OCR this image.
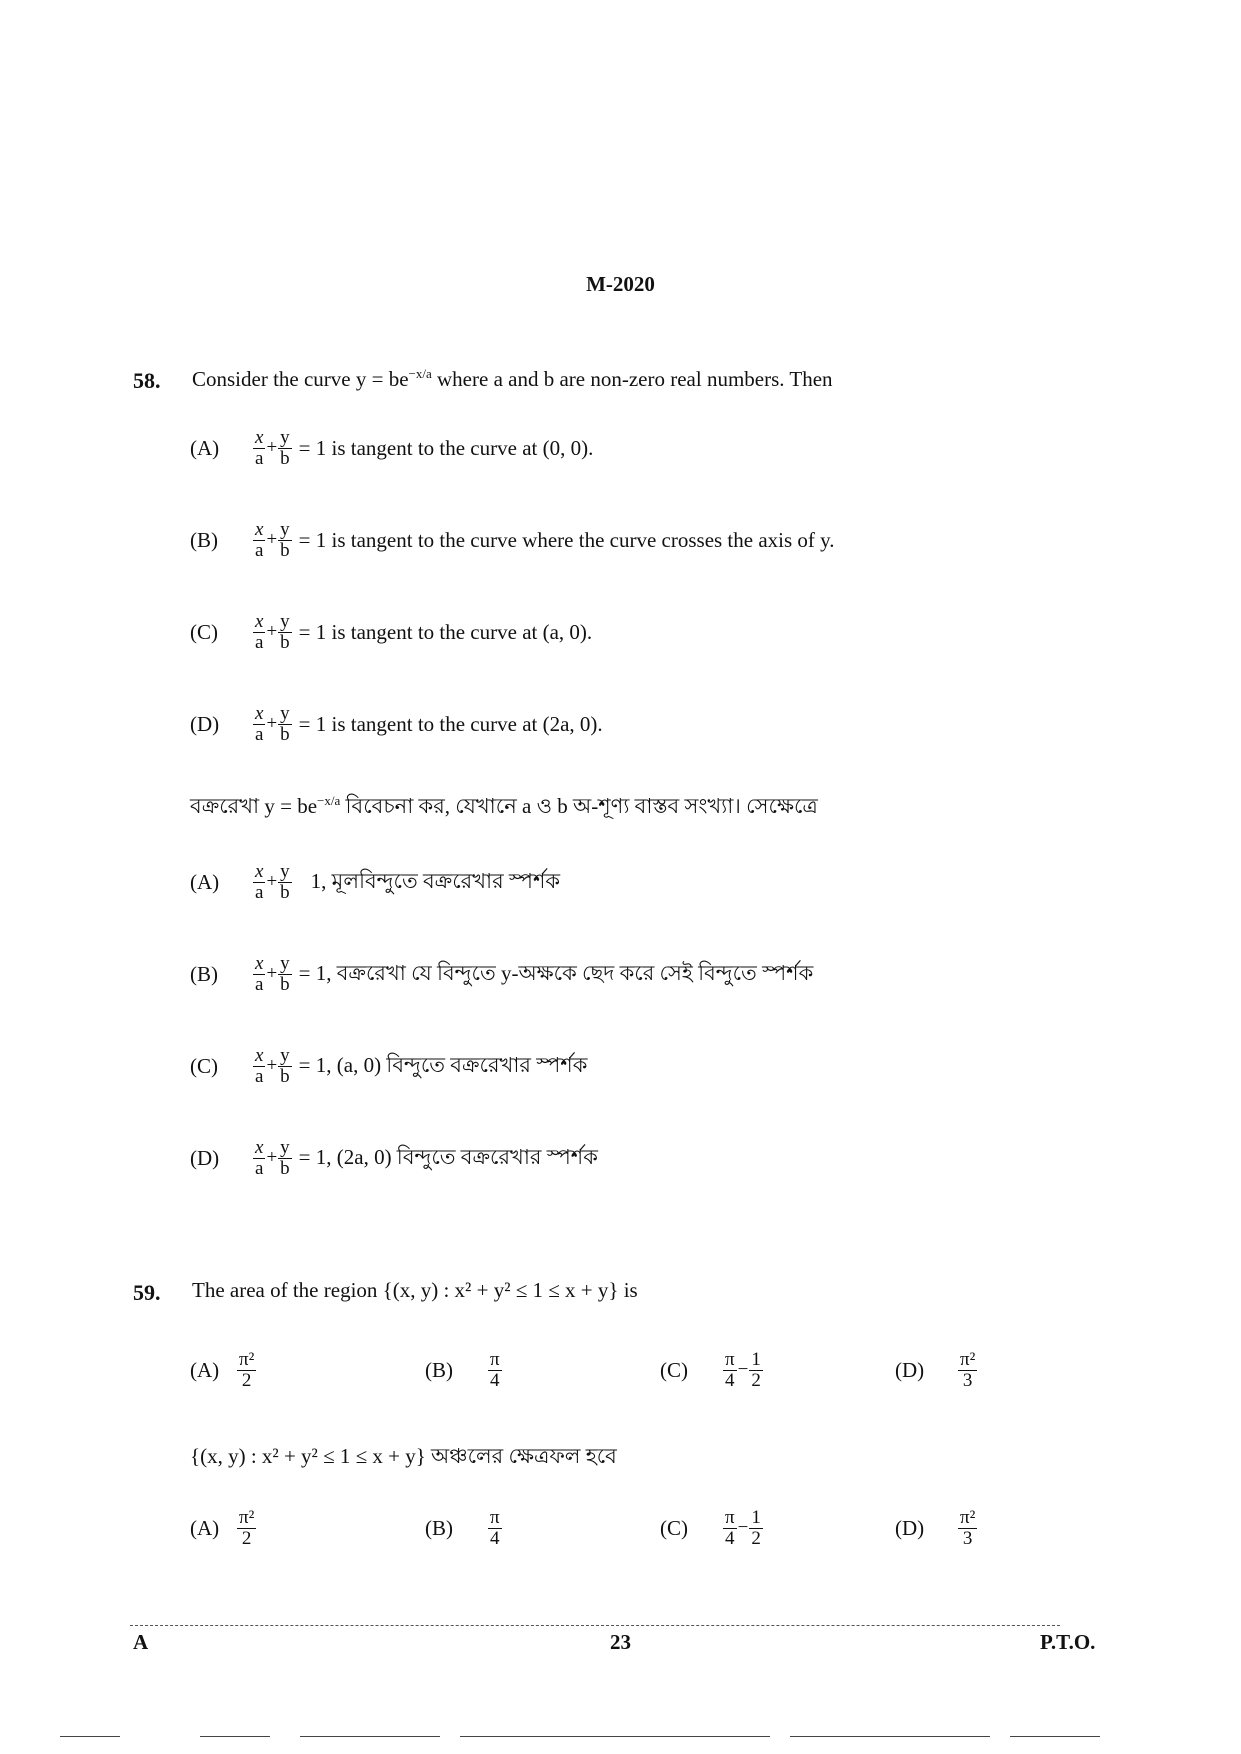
M-2020
58. Consider the curve $y = be^{-x/a}$ where a and b are non-zero real numbers. Then
(A)	$\frac{x}{a} + \frac{y}{b} = 1$ is tangent to the curve at (0, 0).
(B)	$\frac{x}{a} + \frac{y}{b} = 1$ is tangent to the curve where the curve crosses the axis of y.
(C)	$\frac{x}{a} + \frac{y}{b} = 1$ is tangent to the curve at (a, 0).
(D)	$\frac{x}{a} + \frac{y}{b} = 1$ is tangent to the curve at (2a, 0).
বক্ররেখা $y = be^{-x/a}$ বিবেচনা কর, যেখানে a ও b অ-শূণ্য বাস্তব সংখ্যা। সেক্ষেত্রে
(A)	$\frac{x}{a} + \frac{y}{b} 1$, মূলবিন্দুতে বক্ররেখার স্পর্শক
(B)	$\frac{x}{a} + \frac{y}{b} = 1$, বক্ররেখা যে বিন্দুতে y-অক্ষকে ছেদ করে সেই বিন্দুতে স্পর্শক
(C)	$\frac{x}{a} + \frac{y}{b} = 1$, (a, 0) বিন্দুতে বক্ররেখার স্পর্শক
(D)	$\frac{x}{a} + \frac{y}{b} = 1$, (2a, 0) বিন্দুতে বক্ররেখার স্পর্শক
59. The area of the region {(x, y) : x² + y² ≤ 1 ≤ x + y} is
$(A) \frac{\text{π²}}{2}$	(B)	$\frac{\pi}{4}$	(C)	$\frac{\pi}{4} - \frac{1}{2}$	(D)	$\frac{\text{π²}}{3}$
{(x, y) : x² + y² ≤ 1 ≤ x + y} অঞ্চলের ক্ষেত্রফল হবে
$(A) \frac{\text{π²}}{2}$	(B)	$\frac{\pi}{4}$	(C)	$\frac{\pi}{4} - \frac{1}{2}$	(D)	$\frac{\text{π²}}{3}$
A	23	P.T.O.
